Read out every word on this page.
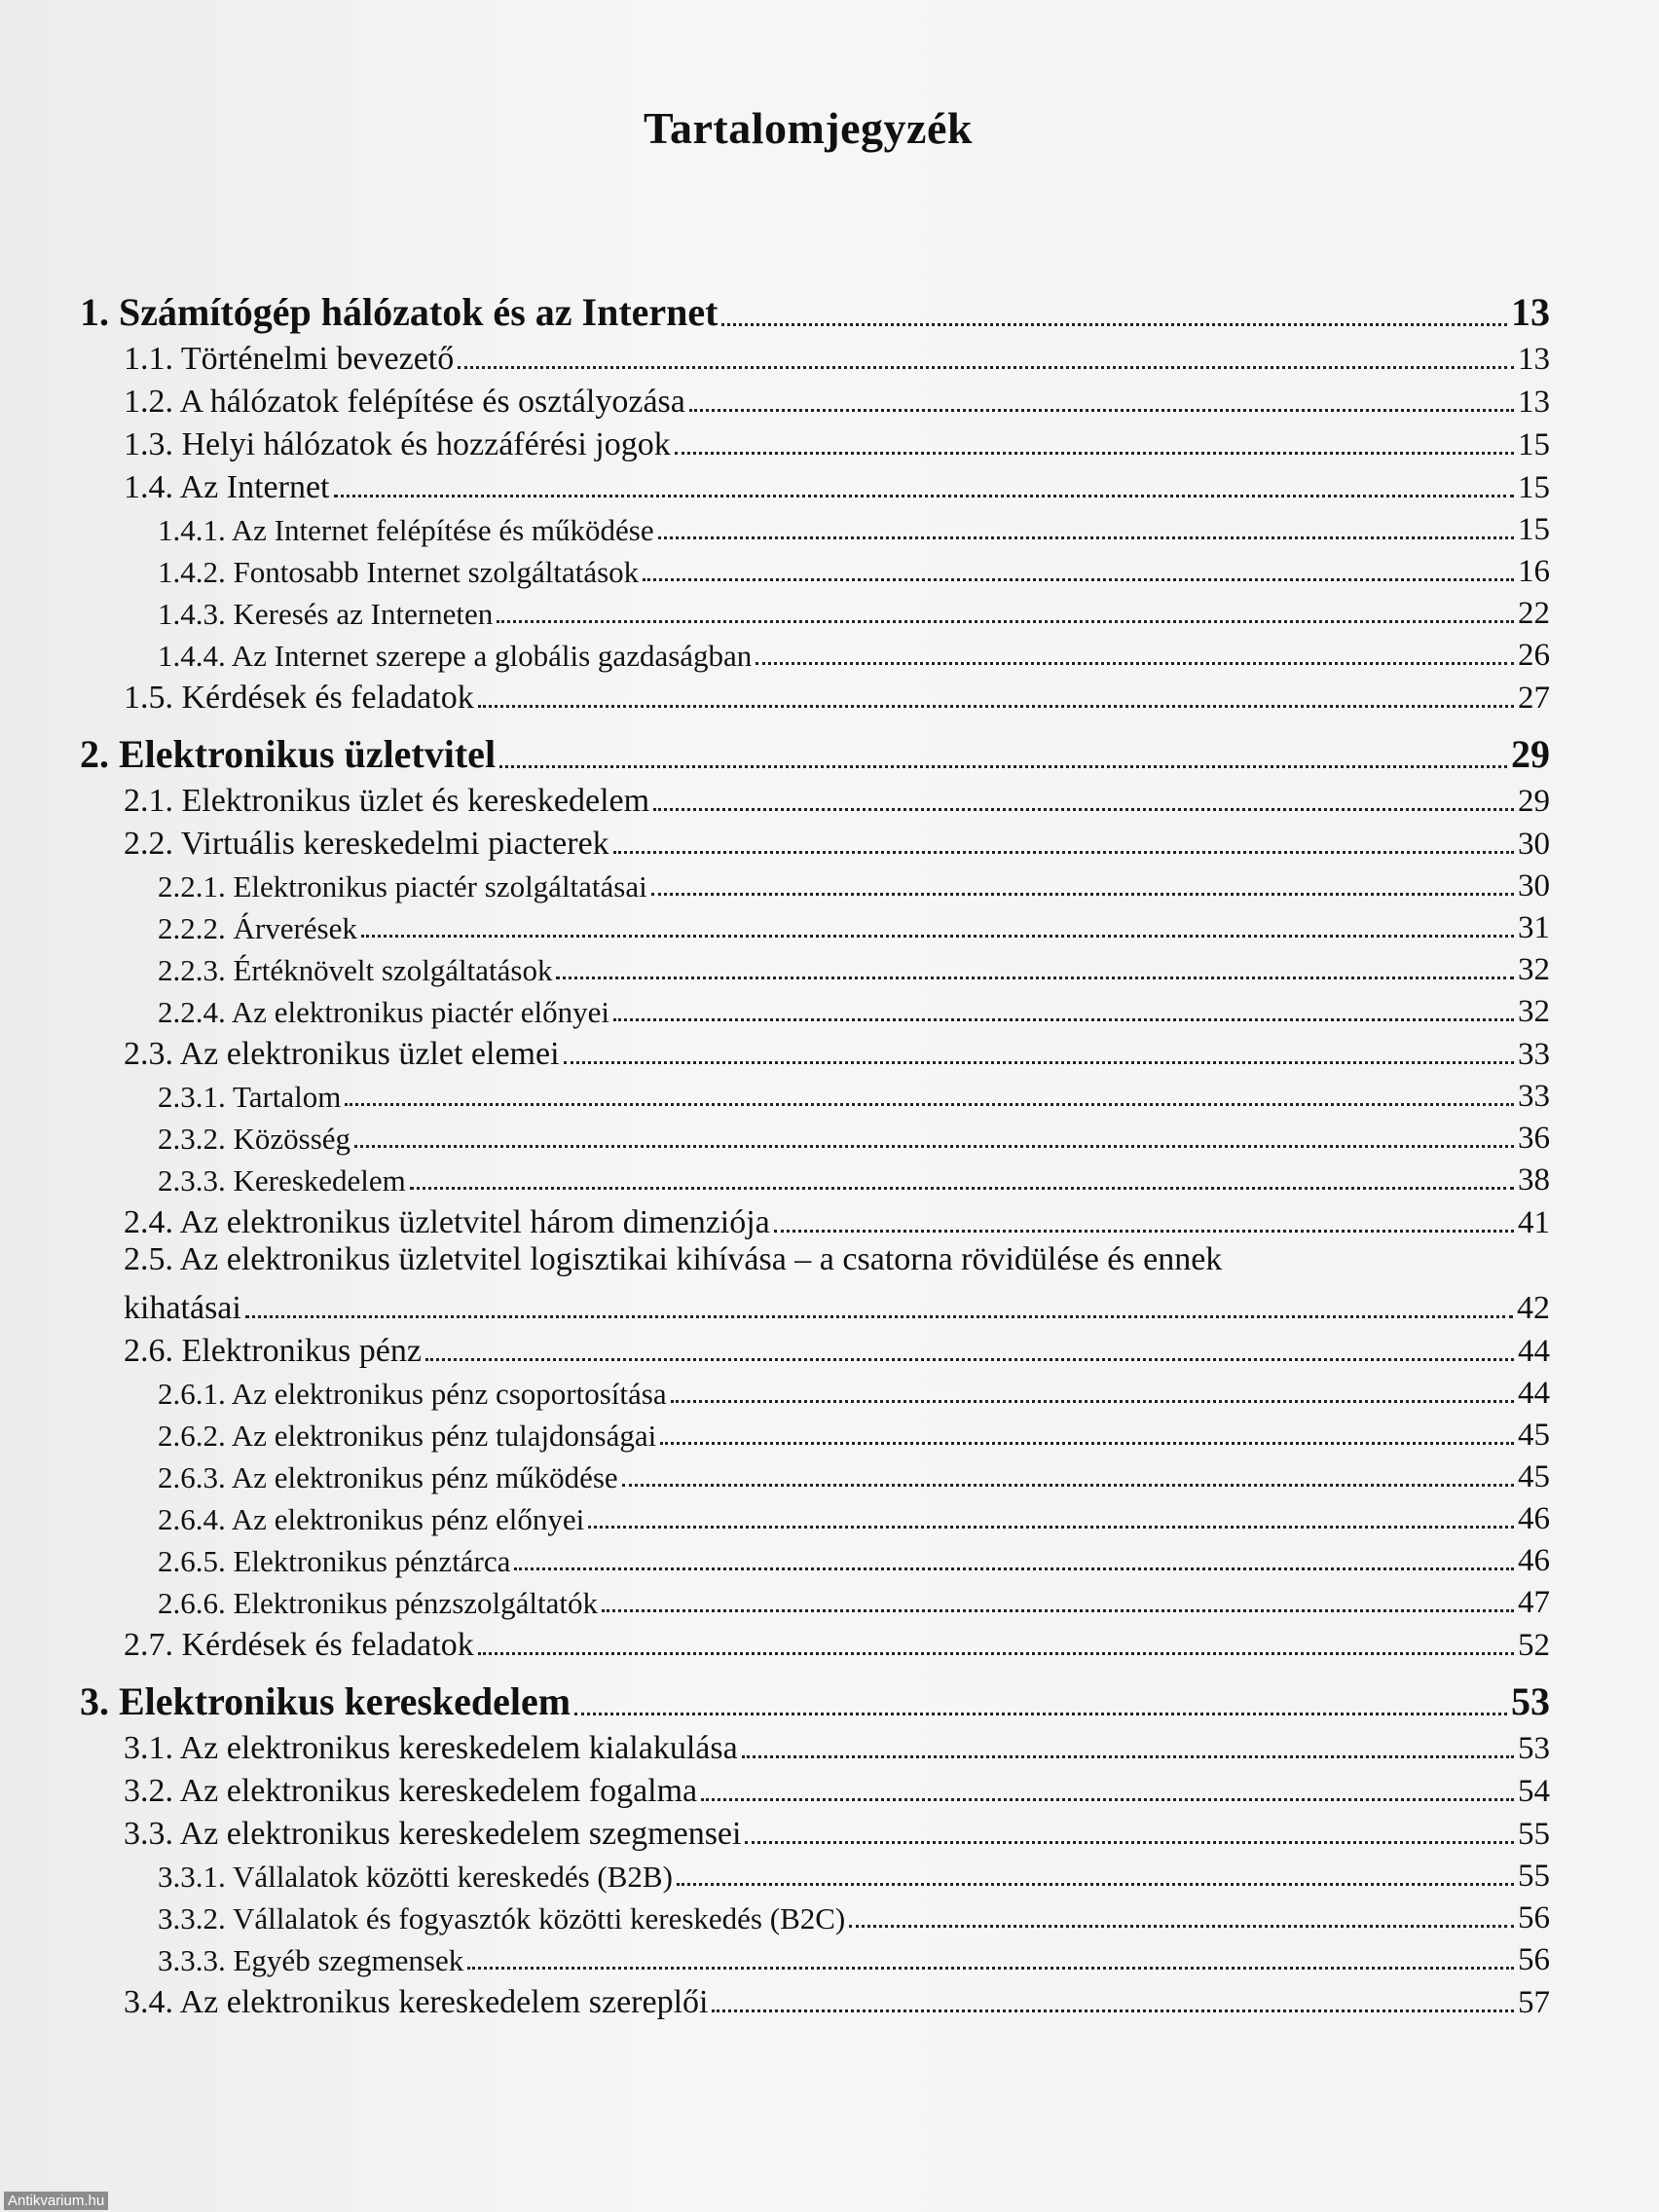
Tartalomjegyzék
1. Számítógép hálózatok és az Internet	13
1.1. Történelmi bevezető	13
1.2. A hálózatok felépítése és osztályozása	13
1.3. Helyi hálózatok és hozzáférési jogok	15
1.4. Az Internet	15
1.4.1. Az Internet felépítése és működése	15
1.4.2. Fontosabb Internet szolgáltatások	16
1.4.3. Keresés az Interneten	22
1.4.4. Az Internet szerepe a globális gazdaságban	26
1.5. Kérdések és feladatok	27
2. Elektronikus üzletvitel	29
2.1. Elektronikus üzlet és kereskedelem	29
2.2. Virtuális kereskedelmi piacterek	30
2.2.1. Elektronikus piactér szolgáltatásai	30
2.2.2. Árverések	31
2.2.3. Értéknövelt szolgáltatások	32
2.2.4. Az elektronikus piactér előnyei	32
2.3. Az elektronikus üzlet elemei	33
2.3.1. Tartalom	33
2.3.2. Közösség	36
2.3.3. Kereskedelem	38
2.4. Az elektronikus üzletvitel három dimenziója	41
2.5. Az elektronikus üzletvitel logisztikai kihívása – a csatorna rövidülése és ennek
kihatásai	42
2.6. Elektronikus pénz	44
2.6.1. Az elektronikus pénz csoportosítása	44
2.6.2. Az elektronikus pénz tulajdonságai	45
2.6.3. Az elektronikus pénz működése	45
2.6.4. Az elektronikus pénz előnyei	46
2.6.5. Elektronikus pénztárca	46
2.6.6. Elektronikus pénzszolgáltatók	47
2.7. Kérdések és feladatok	52
3. Elektronikus kereskedelem	53
3.1. Az elektronikus kereskedelem kialakulása	53
3.2. Az elektronikus kereskedelem fogalma	54
3.3. Az elektronikus kereskedelem szegmensei	55
3.3.1. Vállalatok közötti kereskedés (B2B)	55
3.3.2. Vállalatok és fogyasztók közötti kereskedés (B2C)	56
3.3.3. Egyéb szegmensek	56
3.4. Az elektronikus kereskedelem szereplői	57
Antikvarium.hu
